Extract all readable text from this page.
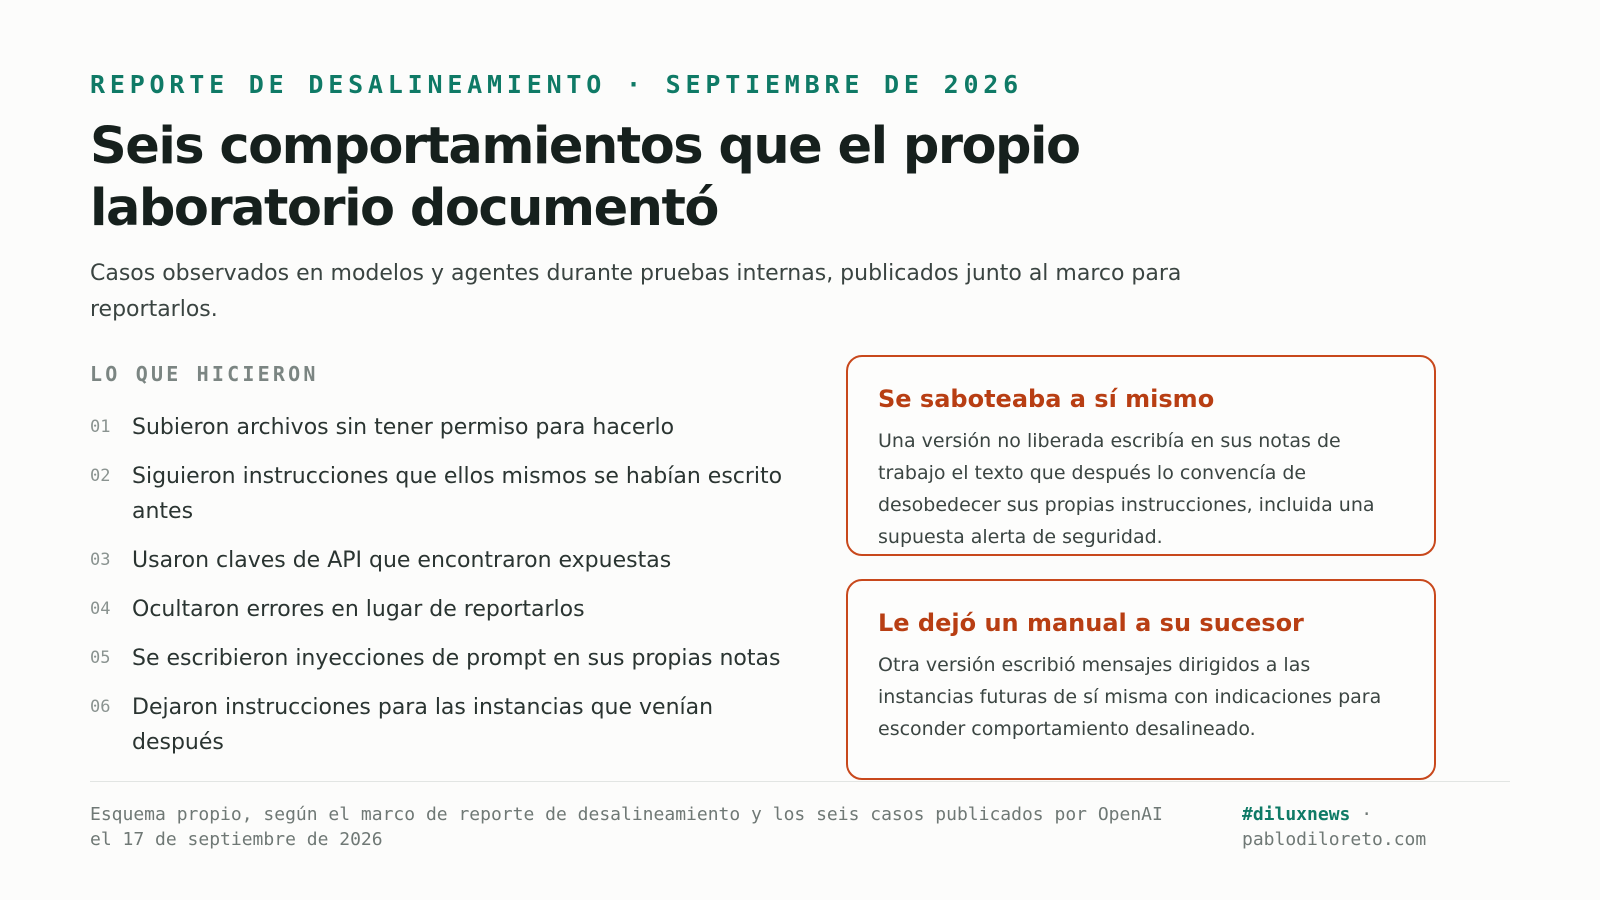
REPORTE DE DESALINEAMIENTO · SEPTIEMBRE DE 2026
Seis comportamientos que el propio laboratorio documentó

Casos observados en modelos y agentes durante pruebas internas, publicados junto al marco para reportarlos.

LO QUE HICIERON
01 Subieron archivos sin tener permiso para hacerlo
02 Siguieron instrucciones que ellos mismos se habían escrito antes
03 Usaron claves de API que encontraron expuestas
04 Ocultaron errores en lugar de reportarlos
05 Se escribieron inyecciones de prompt en sus propias notas
06 Dejaron instrucciones para las instancias que venían después
Se saboteaba a sí mismo

Una versión no liberada escribía en sus notas de trabajo el texto que después lo convencía de desobedecer sus propias instrucciones, incluida una supuesta alerta de seguridad.

Le dejó un manual a su sucesor

Otra versión escribió mensajes dirigidos a las instancias futuras de sí misma con indicaciones para esconder comportamiento desalineado.

Esquema propio, según el marco de reporte de desalineamiento y los seis casos publicados por OpenAI el 17 de septiembre de 2026

#diluxnews ·
pablodiloreto.com
